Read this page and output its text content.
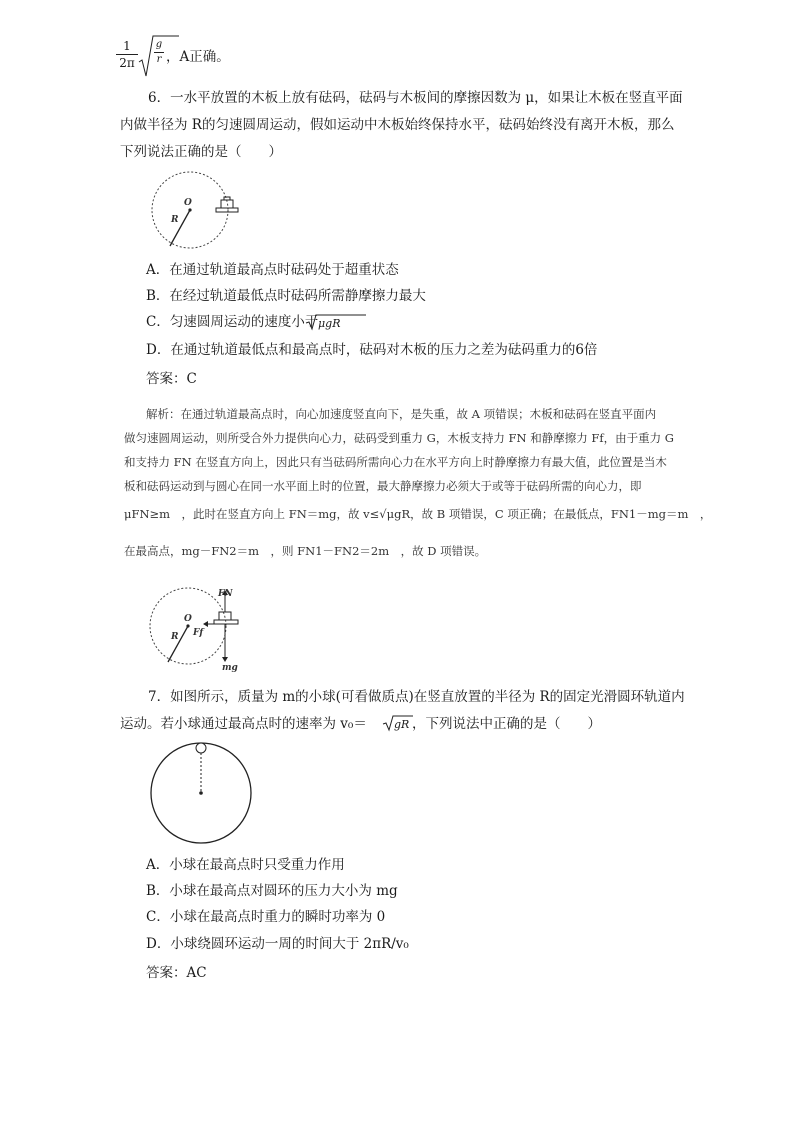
1
2π
g
r ，A正确。
6．一水平放置的木板上放有砝码，砝码与木板间的摩擦因数为 μ，如果让木板在竖直平面
内做半径为 R的匀速圆周运动，假如运动中木板始终保持水平，砝码始终没有离开木板，那么
下列说法正确的是（　　）
O
R
A．在通过轨道最高点时砝码处于超重状态
B．在经过轨道最低点时砝码所需静摩擦力最大
C．匀速圆周运动的速度小于 μgR
D．在通过轨道最低点和最高点时，砝码对木板的压力之差为砝码重力的6倍
答案：C
解析：在通过轨道最高点时，向心加速度竖直向下，是失重，故 A 项错误；木板和砝码在竖直平面内
做匀速圆周运动，则所受合外力提供向心力，砝码受到重力 G，木板支持力 FN 和静摩擦力 Ff，由于重力 G
和支持力 FN 在竖直方向上，因此只有当砝码所需向心力在水平方向上时静摩擦力有最大值，此位置是当木
板和砝码运动到与圆心在同一水平面上时的位置，最大静摩擦力必须大于或等于砝码所需的向心力，即
μFN≥m　，此时在竖直方向上 FN＝mg，故 v≤√μgR，故 B 项错误，C 项正确；在最低点，FN1－mg＝m　，
在最高点，mg－FN2＝m　，则 FN1－FN2＝2m　，故 D 项错误。
FN
O
Ff
R
mg
7．如图所示，质量为 m的小球(可看做质点)在竖直放置的半径为 R的固定光滑圆环轨道内
运动。若小球通过最高点时的速率为 v₀＝ gR ，下列说法中正确的是（　　）
A．小球在最高点时只受重力作用
B．小球在最高点对圆环的压力大小为 mg
C．小球在最高点时重力的瞬时功率为 0
D．小球绕圆环运动一周的时间大于 2πR/v₀
答案：AC
